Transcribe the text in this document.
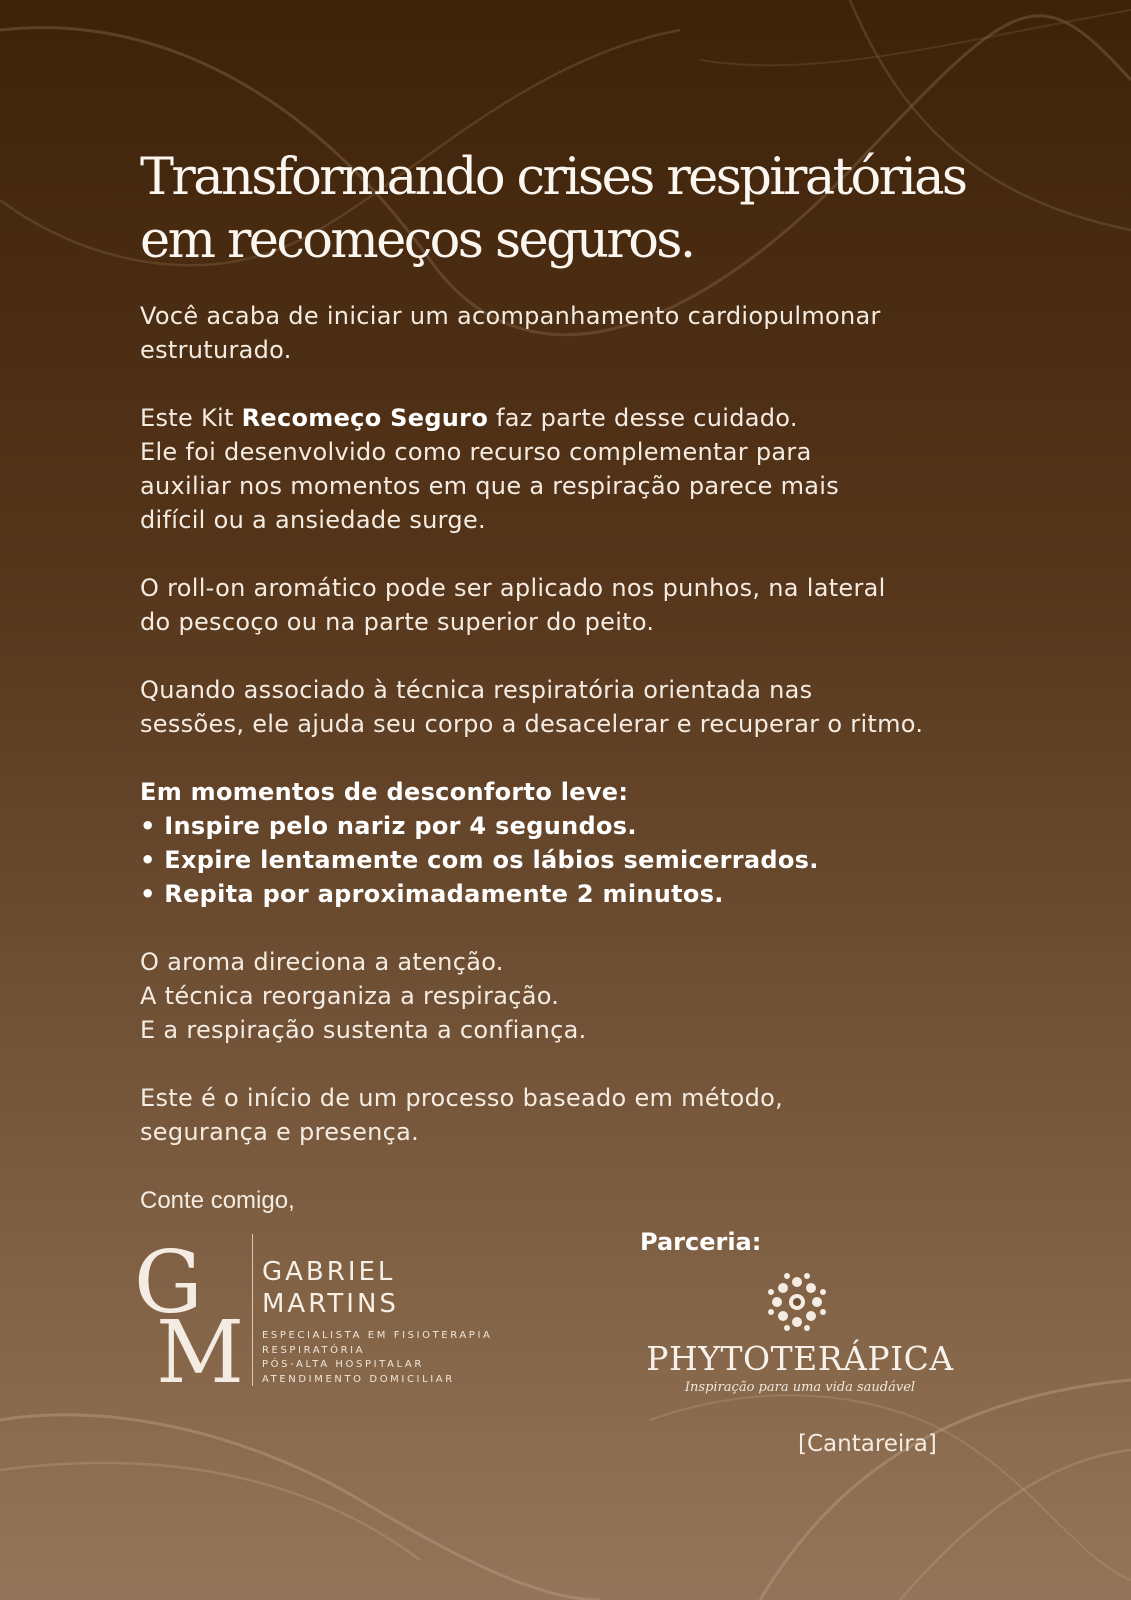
Transformando crises respiratórias
em recomeços seguros.

Você acaba de iniciar um acompanhamento cardiopulmonar
estruturado.

Este Kit Recomeço Seguro faz parte desse cuidado.
Ele foi desenvolvido como recurso complementar para
auxiliar nos momentos em que a respiração parece mais
difícil ou a ansiedade surge.

O roll-on aromático pode ser aplicado nos punhos, na lateral
do pescoço ou na parte superior do peito.

Quando associado à técnica respiratória orientada nas
sessões, ele ajuda seu corpo a desacelerar e recuperar o ritmo.

Em momentos de desconforto leve:
• Inspire pelo nariz por 4 segundos.
• Expire lentamente com os lábios semicerrados.
• Repita por aproximadamente 2 minutos.

O aroma direciona a atenção.
A técnica reorganiza a respiração.
E a respiração sustenta a confiança.

Este é o início de um processo baseado em método,
segurança e presença.

Conte comigo,
G
M
GABRIEL
MARTINS
ESPECIALISTA EM FISIOTERAPIA
RESPIRATÓRIA
PÓS-ALTA HOSPITALAR
ATENDIMENTO DOMICILIAR
Parceria:
PHYTOTERÁPICA
Inspiração para uma vida saudável
[Cantareira]
